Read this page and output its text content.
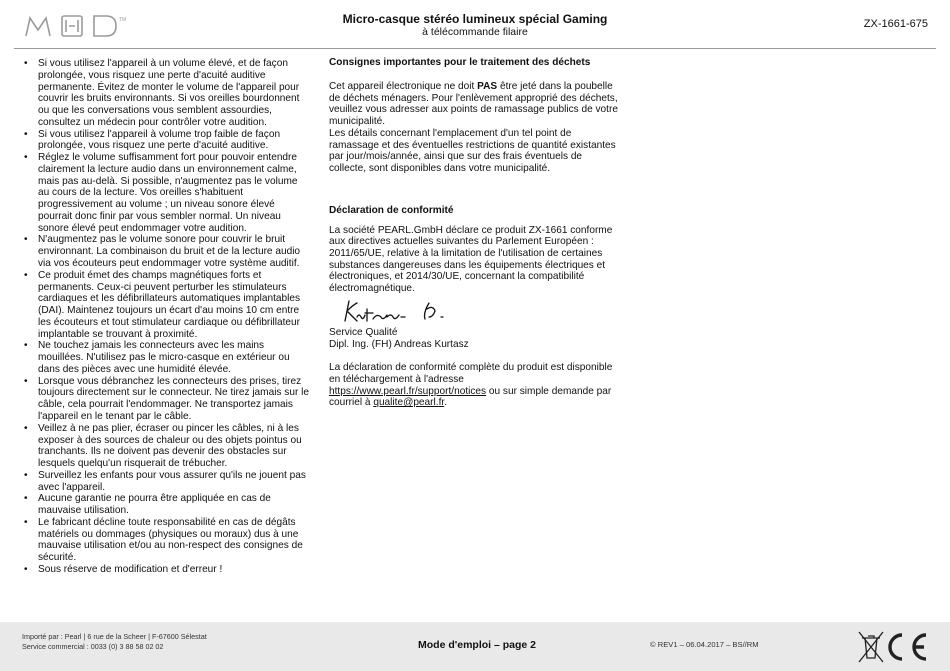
TM	Micro-casque stéréo lumineux spécial Gaming
à télécommande filaire
ZX-1661-675
• Si vous utilisez l'appareil à un volume élevé, et de façon prolongée, vous risquez une perte d'acuité auditive permanente. Évitez de monter le volume de l'appareil pour couvrir les bruits environnants. Si vos oreilles bourdonnent ou que les conversations vous semblent assourdies, consultez un médecin pour contrôler votre audition.
• Si vous utilisez l'appareil à volume trop faible de façon prolongée, vous risquez une perte d'acuité auditive.
• Réglez le volume suffisamment fort pour pouvoir entendre clairement la lecture audio dans un environnement calme, mais pas au-delà. Si possible, n'augmentez pas le volume au cours de la lecture. Vos oreilles s'habituent progressivement au volume ; un niveau sonore élevé pourrait donc finir par vous sembler normal. Un niveau sonore élevé peut endommager votre audition.
• N'augmentez pas le volume sonore pour couvrir le bruit environnant. La combinaison du bruit et de la lecture audio via vos écouteurs peut endommager votre système auditif.
• Ce produit émet des champs magnétiques forts et permanents. Ceux-ci peuvent perturber les stimulateurs cardiaques et les défibrillateurs automatiques implantables (DAI). Maintenez toujours un écart d'au moins 10 cm entre les écouteurs et tout stimulateur cardiaque ou défibrillateur implantable se trouvant à proximité.
• Ne touchez jamais les connecteurs avec les mains mouillées. N'utilisez pas le micro-casque en extérieur ou dans des pièces avec une humidité élevée.
• Lorsque vous débranchez les connecteurs des prises, tirez toujours directement sur le connecteur. Ne tirez jamais sur le câble, cela pourrait l'endommager. Ne transportez jamais l'appareil en le tenant par le câble.
• Veillez à ne pas plier, écraser ou pincer les câbles, ni à les exposer à des sources de chaleur ou des objets pointus ou tranchants. Ils ne doivent pas devenir des obstacles sur lesquels quelqu'un risquerait de trébucher.
• Surveillez les enfants pour vous assurer qu'ils ne jouent pas avec l'appareil.
• Aucune garantie ne pourra être appliquée en cas de mauvaise utilisation.
• Le fabricant décline toute responsabilité en cas de dégâts matériels ou dommages (physiques ou moraux) dus à une mauvaise utilisation et/ou au non-respect des consignes de sécurité.
• Sous réserve de modification et d'erreur !
Consignes importantes pour le traitement des déchets

Cet appareil électronique ne doit PAS être jeté dans la poubelle de déchets ménagers. Pour l'enlèvement approprié des déchets, veuillez vous adresser aux points de ramassage publics de votre municipalité.

Les détails concernant l'emplacement d'un tel point de ramassage et des éventuelles restrictions de quantité existantes par jour/mois/année, ainsi que sur des frais éventuels de collecte, sont disponibles dans votre municipalité.

Déclaration de conformité

La société PEARL.GmbH déclare ce produit ZX-1661 conforme aux directives actuelles suivantes du Parlement Européen : 2011/65/UE, relative à la limitation de l'utilisation de certaines substances dangereuses dans les équipements électriques et électroniques, et 2014/30/UE, concernant la compatibilité électromagnétique.

Service Qualité

Dipl. Ing. (FH) Andreas Kurtasz

La déclaration de conformité complète du produit est disponible en téléchargement à l'adresse
https://www.pearl.fr/support/notices ou sur simple demande par courriel à qualite@pearl.fr.

Importé par : Pearl | 6 rue de la Scheer | F-67600 Sélestat
Service commercial : 0033 (0) 3 88 58 02 02	Mode d'emploi – page 2	© REV1 – 06.04.2017 – BS//RM
